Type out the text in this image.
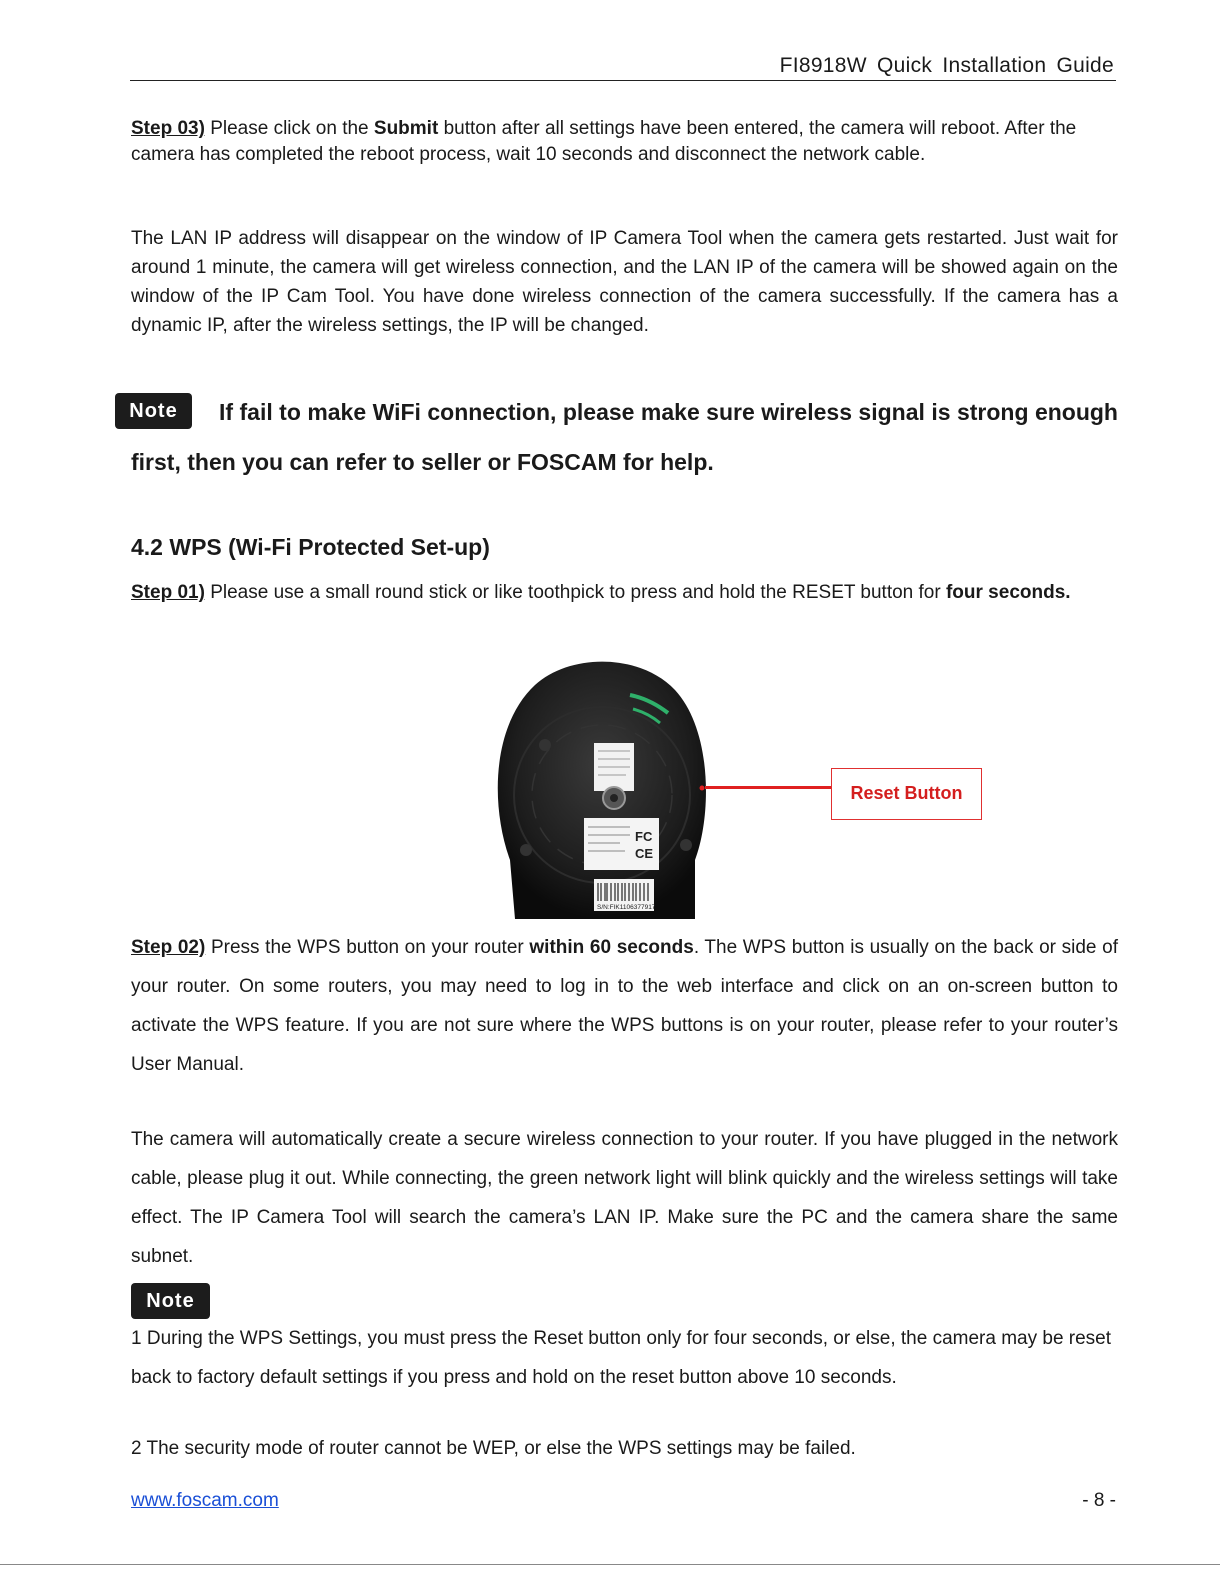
FI8918W Quick Installation Guide
Step 03) Please click on the Submit button after all settings have been entered, the camera will reboot. After the camera has completed the reboot process, wait 10 seconds and disconnect the network cable.
The LAN IP address will disappear on the window of IP Camera Tool when the camera gets restarted. Just wait for around 1 minute, the camera will get wireless connection, and the LAN IP of the camera will be showed again on the window of the IP Cam Tool. You have done wireless connection of the camera successfully. If the camera has a dynamic IP, after the wireless settings, the IP will be changed.
Note	If fail to make WiFi connection, please make sure wireless signal is strong enough first, then you can refer to seller or FOSCAM for help.
4.2 WPS (Wi-Fi Protected Set-up)
Step 01) Please use a small round stick or like toothpick to press and hold the RESET button for four seconds.
FC
CE
S/N:FIK1106377917
Reset Button
Step 02) Press the WPS button on your router within 60 seconds. The WPS button is usually on the back or side of your router. On some routers, you may need to log in to the web interface and click on an on-screen button to activate the WPS feature. If you are not sure where the WPS buttons is on your router, please refer to your router’s User Manual.
The camera will automatically create a secure wireless connection to your router. If you have plugged in the network cable, please plug it out. While connecting, the green network light will blink quickly and the wireless settings will take effect. The IP Camera Tool will search the camera’s LAN IP. Make sure the PC and the camera share the same subnet.
Note
1 During the WPS Settings, you must press the Reset button only for four seconds, or else, the camera may be reset back to factory default settings if you press and hold on the reset button above 10 seconds.
2 The security mode of router cannot be WEP, or else the WPS settings may be failed.
www.foscam.com	- 8 -
